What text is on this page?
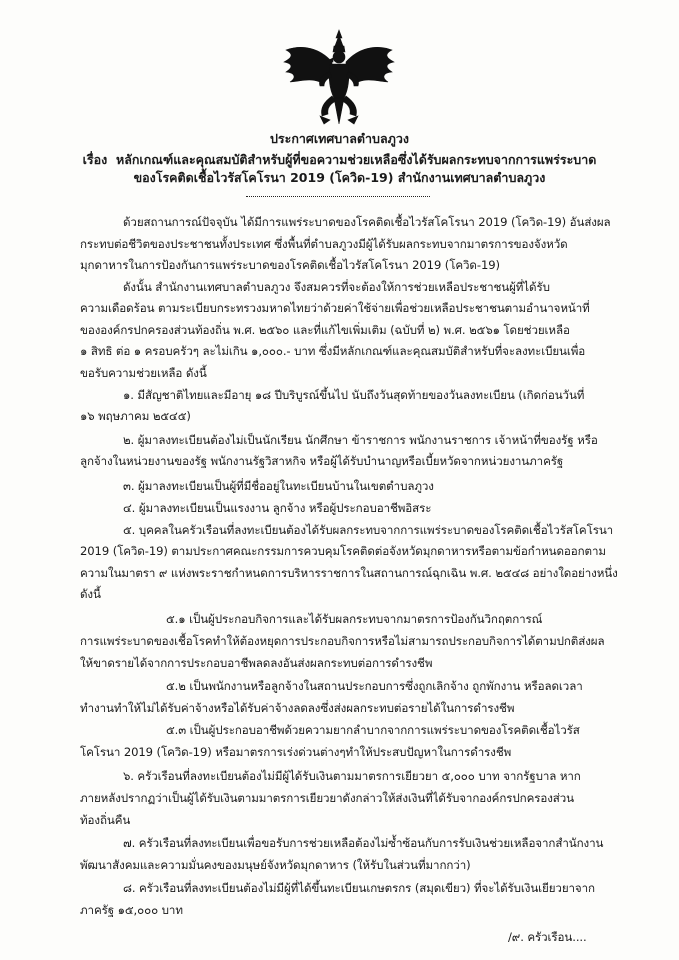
ประกาศเทศบาลตำบลภูวง
เรื่อง หลักเกณฑ์และคุณสมบัติสำหรับผู้ที่ขอความช่วยเหลือซึ่งได้รับผลกระทบจากการแพร่ระบาด
ของโรคติดเชื้อไวรัสโคโรนา 2019 (โควิด-19) สำนักงานเทศบาลตำบลภูวง
ด้วยสถานการณ์ปัจจุบัน ได้มีการแพร่ระบาดของโรคติดเชื้อไวรัสโคโรนา 2019 (โควิด-19) อันส่งผล
กระทบต่อชีวิตของประชาชนทั้งประเทศ ซึ่งพื้นที่ตำบลภูวงมีผู้ได้รับผลกระทบจากมาตรการของจังหวัด
มุกดาหารในการป้องกันการแพร่ระบาดของโรคติดเชื้อไวรัสโคโรนา 2019 (โควิด-19)
ดังนั้น สำนักงานเทศบาลตำบลภูวง จึงสมควรที่จะต้องให้การช่วยเหลือประชาชนผู้ที่ได้รับ
ความเดือดร้อน ตามระเบียบกระทรวงมหาดไทยว่าด้วยค่าใช้จ่ายเพื่อช่วยเหลือประชาชนตามอำนาจหน้าที่
ขององค์กรปกครองส่วนท้องถิ่น พ.ศ. ๒๕๖๐ และที่แก้ไขเพิ่มเติม (ฉบับที่ ๒) พ.ศ. ๒๕๖๑ โดยช่วยเหลือ
๑ สิทธิ ต่อ ๑ ครอบครัวๆ ละไม่เกิน ๑,๐๐๐.- บาท ซึ่งมีหลักเกณฑ์และคุณสมบัติสำหรับที่จะลงทะเบียนเพื่อ
ขอรับความช่วยเหลือ ดังนี้
๑. มีสัญชาติไทยและมีอายุ ๑๘ ปีบริบูรณ์ขึ้นไป นับถึงวันสุดท้ายของวันลงทะเบียน (เกิดก่อนวันที่
๑๖ พฤษภาคม ๒๕๔๕)
๒. ผู้มาลงทะเบียนต้องไม่เป็นนักเรียน นักศึกษา ข้าราชการ พนักงานราชการ เจ้าหน้าที่ของรัฐ หรือ
ลูกจ้างในหน่วยงานของรัฐ พนักงานรัฐวิสาหกิจ หรือผู้ได้รับบำนาญหรือเบี้ยหวัดจากหน่วยงานภาครัฐ
๓. ผู้มาลงทะเบียนเป็นผู้ที่มีชื่ออยู่ในทะเบียนบ้านในเขตตำบลภูวง
๔. ผู้มาลงทะเบียนเป็นแรงงาน ลูกจ้าง หรือผู้ประกอบอาชีพอิสระ
๕. บุคคลในครัวเรือนที่ลงทะเบียนต้องได้รับผลกระทบจากการแพร่ระบาดของโรคติดเชื้อไวรัสโคโรนา
2019 (โควิด-19) ตามประกาศคณะกรรมการควบคุมโรคติดต่อจังหวัดมุกดาหารหรือตามข้อกำหนดออกตาม
ความในมาตรา ๙ แห่งพระราชกำหนดการบริหารราชการในสถานการณ์ฉุกเฉิน พ.ศ. ๒๕๔๘ อย่างใดอย่างหนึ่ง
ดังนี้
๕.๑ เป็นผู้ประกอบกิจการและได้รับผลกระทบจากมาตรการป้องกันวิกฤตการณ์
การแพร่ระบาดของเชื้อโรคทำให้ต้องหยุดการประกอบกิจการหรือไม่สามารถประกอบกิจการได้ตามปกติส่งผล
ให้ขาดรายได้จากการประกอบอาชีพลดลงอันส่งผลกระทบต่อการดำรงชีพ
๕.๒ เป็นพนักงานหรือลูกจ้างในสถานประกอบการซึ่งถูกเลิกจ้าง ถูกพักงาน หรือลดเวลา
ทำงานทำให้ไม่ได้รับค่าจ้างหรือได้รับค่าจ้างลดลงซึ่งส่งผลกระทบต่อรายได้ในการดำรงชีพ
๕.๓ เป็นผู้ประกอบอาชีพด้วยความยากลำบากจากการแพร่ระบาดของโรคติดเชื้อไวรัส
โคโรนา 2019 (โควิด-19) หรือมาตรการเร่งด่วนต่างๆทำให้ประสบปัญหาในการดำรงชีพ
๖. ครัวเรือนที่ลงทะเบียนต้องไม่มีผู้ได้รับเงินตามมาตรการเยียวยา ๕,๐๐๐ บาท จากรัฐบาล หาก
ภายหลังปรากฏว่าเป็นผู้ได้รับเงินตามมาตรการเยียวยาดังกล่าวให้ส่งเงินที่ได้รับจากองค์กรปกครองส่วน
ท้องถิ่นคืน
๗. ครัวเรือนที่ลงทะเบียนเพื่อขอรับการช่วยเหลือต้องไม่ซ้ำซ้อนกับการรับเงินช่วยเหลือจากสำนักงาน
พัฒนาสังคมและความมั่นคงของมนุษย์จังหวัดมุกดาหาร (ให้รับในส่วนที่มากกว่า)
๘. ครัวเรือนที่ลงทะเบียนต้องไม่มีผู้ที่ได้ขึ้นทะเบียนเกษตรกร (สมุดเขียว) ที่จะได้รับเงินเยียวยาจาก
ภาครัฐ ๑๕,๐๐๐ บาท
/๙. ครัวเรือน....
